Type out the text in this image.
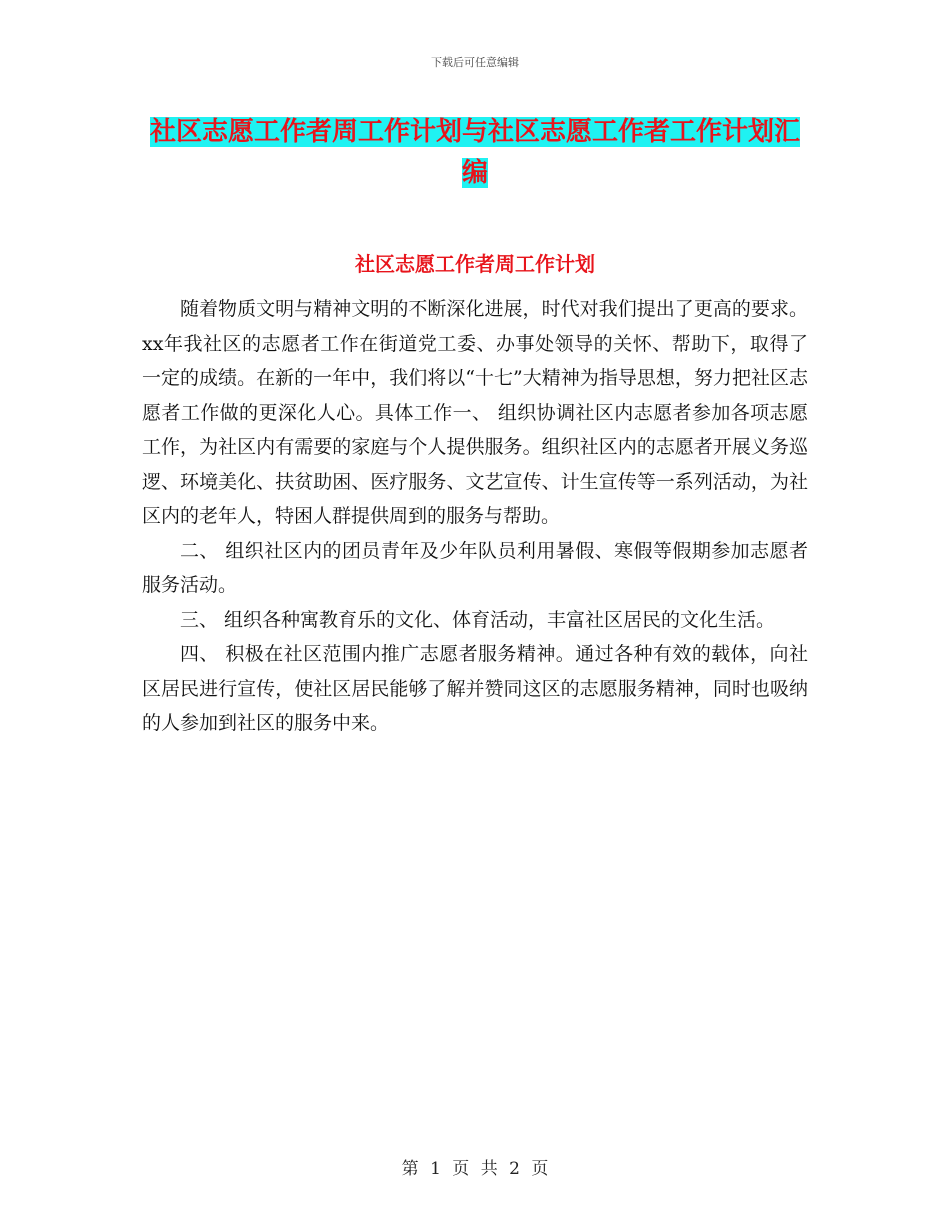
下载后可任意编辑
社区志愿工作者周工作计划与社区志愿工作者工作计划汇编
社区志愿工作者周工作计划

随着物质文明与精神文明的不断深化进展，时代对我们提出了更高的要求。xx年我社区的志愿者工作在街道党工委、办事处领导的关怀、帮助下，取得了一定的成绩。在新的一年中，我们将以“十七”大精神为指导思想，努力把社区志愿者工作做的更深化人心。具体工作一、 组织协调社区内志愿者参加各项志愿工作，为社区内有需要的家庭与个人提供服务。组织社区内的志愿者开展义务巡逻、环境美化、扶贫助困、医疗服务、文艺宣传、计生宣传等一系列活动，为社区内的老年人，特困人群提供周到的服务与帮助。

二、 组织社区内的团员青年及少年队员利用暑假、寒假等假期参加志愿者服务活动。

三、 组织各种寓教育乐的文化、体育活动，丰富社区居民的文化生活。

四、 积极在社区范围内推广志愿者服务精神。通过各种有效的载体，向社区居民进行宣传，使社区居民能够了解并赞同这区的志愿服务精神，同时也吸纳的人参加到社区的服务中来。

第 1 页 共 2 页
